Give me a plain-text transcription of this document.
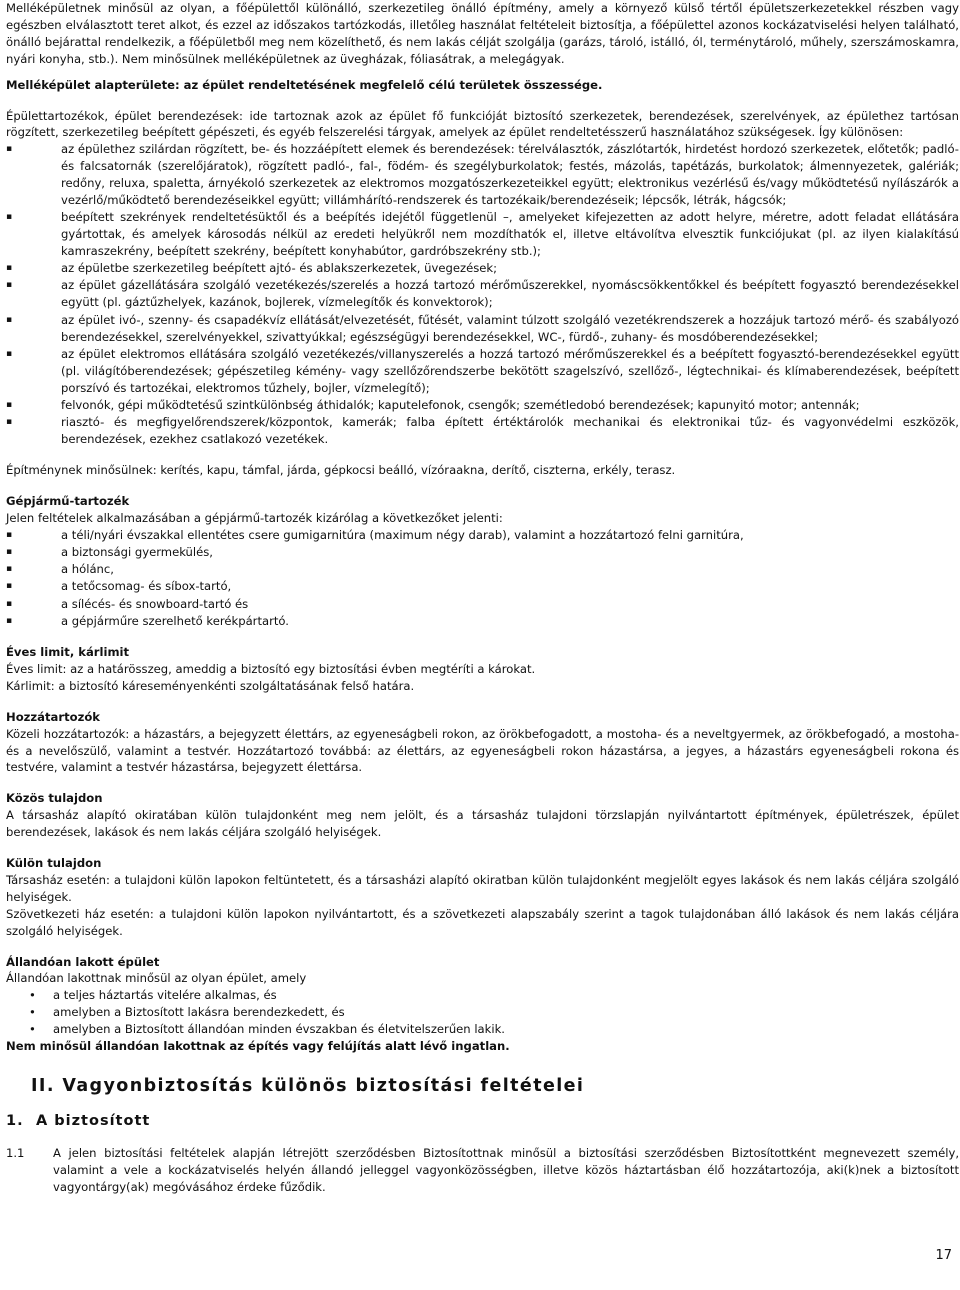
Melléképületnek minősül az olyan, a főépülettől különálló, szerkezetileg önálló építmény, amely a környező külső tértől épületszerkezetekkel részben vagy egészben elválasztott teret alkot, és ezzel az időszakos tartózkodás, illetőleg használat feltételeit biztosítja, a főépülettel azonos kockázatviselési helyen található, önálló bejárattal rendelkezik, a főépületből meg nem közelíthető, és nem lakás célját szolgálja (garázs, tároló, istálló, ól, terménytároló, műhely, szerszámoskamra, nyári konyha, stb.). Nem minősülnek melléképületnek az üvegházak, fóliasátrak, a melegágyak.

Melléképület alapterülete: az épület rendeltetésének megfelelő célú területek összessége.

Épülettartozékok, épület berendezések: ide tartoznak azok az épület fő funkcióját biztosító szerkezetek, berendezések, szerelvények, az épülethez tartósan rögzített, szerkezetileg beépített gépészeti, és egyéb felszerelési tárgyak, amelyek az épület rendeltetésszerű használatához szükségesek. Így különösen:

▪ az épülethez szilárdan rögzített, be- és hozzáépített elemek és berendezések: térelválasztók, zászlótartók, hirdetést hordozó szerkezetek, előtetők; padló- és falcsatornák (szerelőjáratok), rögzített padló-, fal-, födém- és szegélyburkolatok; festés, mázolás, tapétázás, burkolatok; álmennyezetek, galériák; redőny, reluxa, spaletta, árnyékoló szerkezetek az elektromos mozgatószerkezeteikkel együtt; elektronikus vezérlésű és/vagy működtetésű nyílászárók a vezérlő/működtető berendezéseikkel együtt; villámhárító-rendszerek és tartozékaik/berendezéseik; lépcsők, létrák, hágcsók;
▪ beépített szekrények rendeltetésüktől és a beépítés idejétől függetlenül –, amelyeket kifejezetten az adott helyre, méretre, adott feladat ellátására gyártottak, és amelyek károsodás nélkül az eredeti helyükről nem mozdíthatók el, illetve eltávolítva elvesztik funkciójukat (pl. az ilyen kialakítású kamraszekrény, beépített szekrény, beépített konyhabútor, gardróbszekrény stb.);
▪ az épületbe szerkezetileg beépített ajtó- és ablakszerkezetek, üvegezések;
▪ az épület gázellátására szolgáló vezetékezés/szerelés a hozzá tartozó mérőműszerekkel, nyomáscsökkentőkkel és beépített fogyasztó berendezésekkel együtt (pl. gáztűzhelyek, kazánok, bojlerek, vízmelegítők és konvektorok);
▪ az épület ivó-, szenny- és csapadékvíz ellátását/elvezetését, fűtését, valamint túlzott szolgáló vezetékrendszerek a hozzájuk tartozó mérő- és szabályozó berendezésekkel, szerelvényekkel, szivattyúkkal; egészségügyi berendezésekkel, WC-, fürdő-, zuhany- és mosdóberendezésekkel;
▪ az épület elektromos ellátására szolgáló vezetékezés/villanyszerelés a hozzá tartozó mérőműszerekkel és a beépített fogyasztó-berendezésekkel együtt (pl. világítóberendezések; gépészetileg kémény- vagy szellőzőrendszerbe bekötött szagelszívó, szellőző-, légtechnikai- és klímaberendezések, beépített porszívó és tartozékai, elektromos tűzhely, bojler, vízmelegítő);
▪ felvonók, gépi működtetésű szintkülönbség áthidalók; kaputelefonok, csengők; szemétledobó berendezések; kapunyitó motor; antennák;
▪ riasztó- és megfigyelőrendszerek/központok, kamerák; falba épített értéktárolók mechanikai és elektronikai tűz- és vagyonvédelmi eszközök, berendezések, ezekhez csatlakozó vezetékek.

Építménynek minősülnek: kerítés, kapu, támfal, járda, gépkocsi beálló, vízóraakna, derítő, ciszterna, erkély, terasz.

Gépjármű-tartozék

Jelen feltételek alkalmazásában a gépjármű-tartozék kizárólag a következőket jelenti:

▪ a téli/nyári évszakkal ellentétes csere gumigarnitúra (maximum négy darab), valamint a hozzátartozó felni garnitúra,
▪ a biztonsági gyermekülés,
▪ a hólánc,
▪ a tetőcsomag- és síbox-tartó,
▪ a sílécés- és snowboard-tartó és
▪ a gépjárműre szerelhető kerékpártartó.

Éves limit, kárlimit

Éves limit: az a határösszeg, ameddig a biztosító egy biztosítási évben megtéríti a károkat.

Kárlimit: a biztosító káreseményenkénti szolgáltatásának felső határa.

Hozzátartozók

Közeli hozzátartozók: a házastárs, a bejegyzett élettárs, az egyeneságbeli rokon, az örökbefogadott, a mostoha- és a neveltgyermek, az örökbefogadó, a mostoha- és a nevelőszülő, valamint a testvér. Hozzátartozó továbbá: az élettárs, az egyeneságbeli rokon házastársa, a jegyes, a házastárs egyeneságbeli rokona és testvére, valamint a testvér házastársa, bejegyzett élettársa.

Közös tulajdon

A társasház alapító okiratában külön tulajdonként meg nem jelölt, és a társasház tulajdoni törzslapján nyilvántartott építmények, épületrészek, épület berendezések, lakások és nem lakás céljára szolgáló helyiségek.

Külön tulajdon

Társasház esetén: a tulajdoni külön lapokon feltüntetett, és a társasházi alapító okiratban külön tulajdonként megjelölt egyes lakások és nem lakás céljára szolgáló helyiségek.

Szövetkezeti ház esetén: a tulajdoni külön lapokon nyilvántartott, és a szövetkezeti alapszabály szerint a tagok tulajdonában álló lakások és nem lakás céljára szolgáló helyiségek.

Állandóan lakott épület

Állandóan lakottnak minősül az olyan épület, amely

• a teljes háztartás vitelére alkalmas, és
• amelyben a Biztosított lakásra berendezkedett, és
• amelyben a Biztosított állandóan minden évszakban és életvitelszerűen lakik.

Nem minősül állandóan lakottnak az építés vagy felújítás alatt lévő ingatlan.

II. Vagyonbiztosítás különös biztosítási feltételei

1. A biztosított

1.1 A jelen biztosítási feltételek alapján létrejött szerződésben Biztosítottnak minősül a biztosítási szerződésben Biztosítottként megnevezett személy, valamint a vele a kockázatviselés helyén állandó jelleggel vagyonközösségben, illetve közös háztartásban élő hozzátartozója, aki(k)nek a biztosított vagyontárgy(ak) megóvásához érdeke fűződik.

17
